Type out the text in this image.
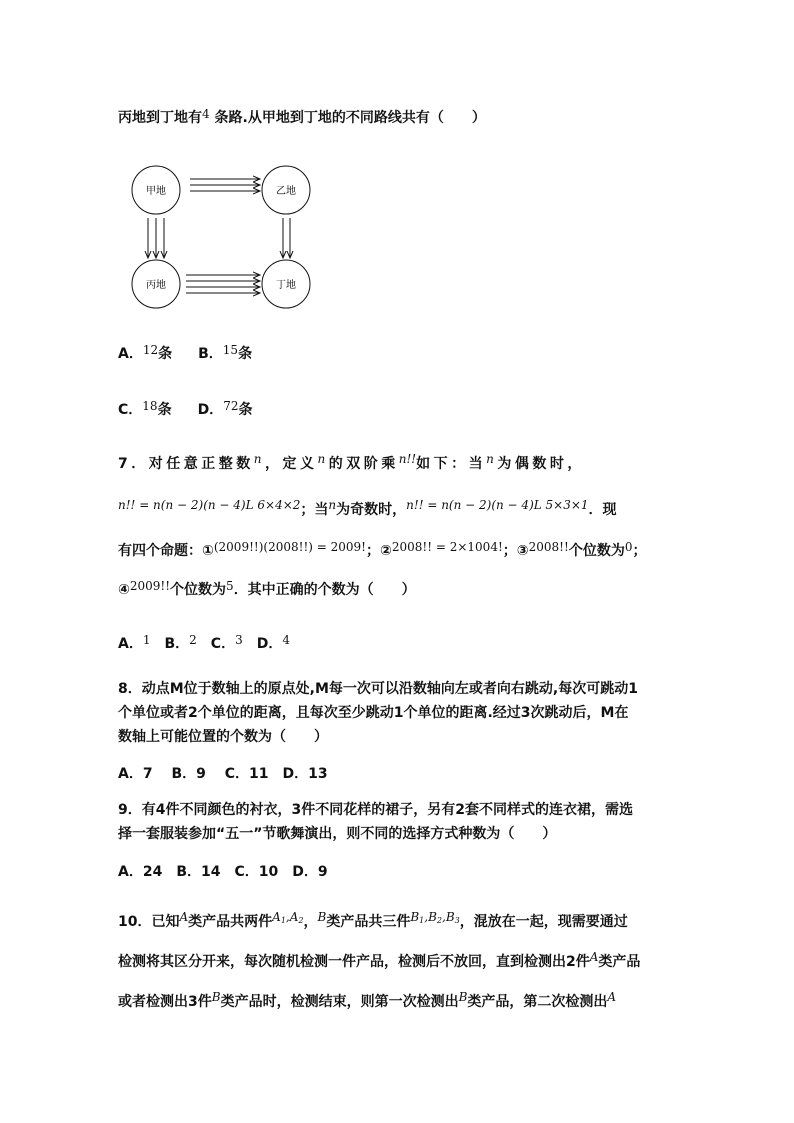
丙地到丁地有4 条路.从甲地到丁地的不同路线共有（　　）
甲地	乙地
丙地	丁地
A．12条 B．15条
C．18条 D．72条
7．对任意正整数n，定义n的双阶乘n!!如下：当n为偶数时，
n!! = n(n − 2)(n − 4)L 6×4×2；当n为奇数时，n!! = n(n − 2)(n − 4)L 5×3×1．现
有四个命题：①(2009!!)(2008!!) = 2009!；②2008!! = 2×1004!；③2008!!个位数为0；
④2009!!个位数为5．其中正确的个数为（　　）
A．1 B．2 C．3 D．4
8．动点M位于数轴上的原点处,M每一次可以沿数轴向左或者向右跳动,每次可跳动1
个单位或者2个单位的距离，且每次至少跳动1个单位的距离.经过3次跳动后，M在
数轴上可能位置的个数为（　　）
A．7　 B．9　 C．11　D．13
9．有4件不同颜色的衬衣，3件不同花样的裙子，另有2套不同样式的连衣裙，需选
择一套服装参加“五一”节歌舞演出，则不同的选择方式种数为（　　）
A．24　B．14　C．10　D．9
10．已知A类产品共两件A1,A2，B类产品共三件B1,B2,B3，混放在一起，现需要通过
检测将其区分开来，每次随机检测一件产品，检测后不放回，直到检测出2件A类产品
或者检测出3件B类产品时，检测结束，则第一次检测出B类产品，第二次检测出A
